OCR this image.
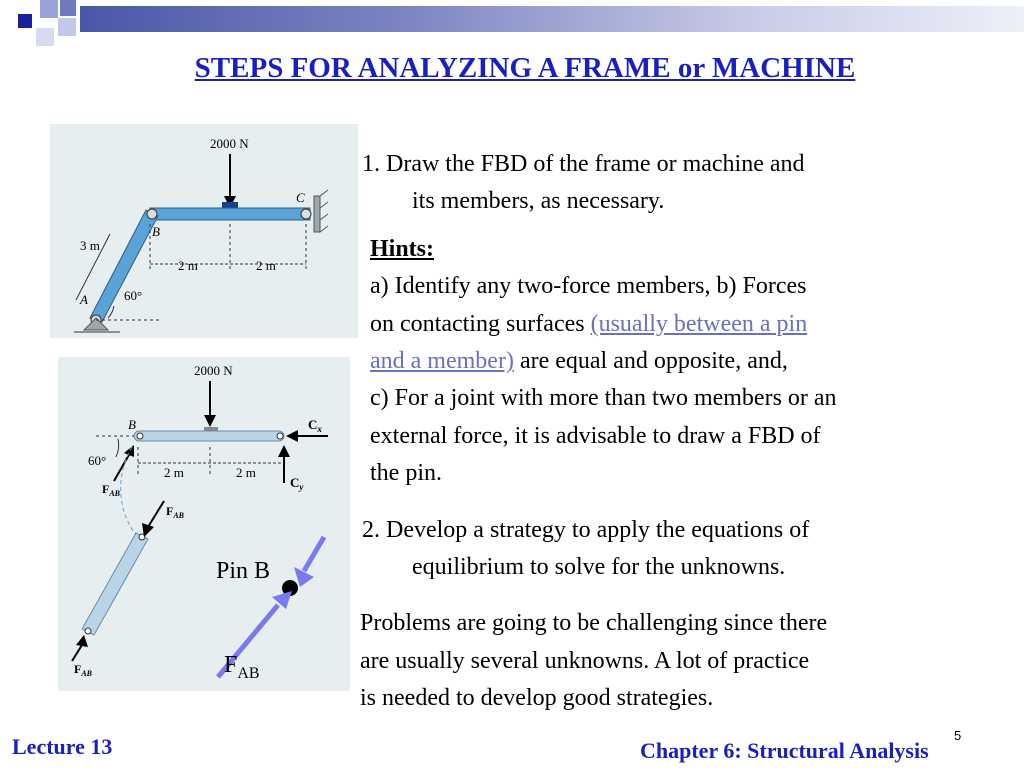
STEPS FOR ANALYZING A FRAME or MACHINE
2000 N
C
B
A
3 m
2 m	2 m
60°
2000 N
B	$C_x$
$C_y$
60°
2 m	2 m
$F_{AB}$
$F_{AB}$
$F_{AB}$
Pin B
$F_{AB}$
1. Draw the FBD of the frame or machine and
its members, as necessary.
Hints:
a) Identify any two-force members, b) Forces
on contacting surfaces (usually between a pin
and a member) are equal and opposite, and,
c) For a joint with more than two members or an
external force, it is advisable to draw a FBD of
the pin.
2. Develop a strategy to apply the equations of
equilibrium to solve for the unknowns.
Problems are going to be challenging since there
are usually several unknowns. A lot of practice
is needed to develop good strategies.
Lecture 13	Chapter 6: Structural Analysis
5
